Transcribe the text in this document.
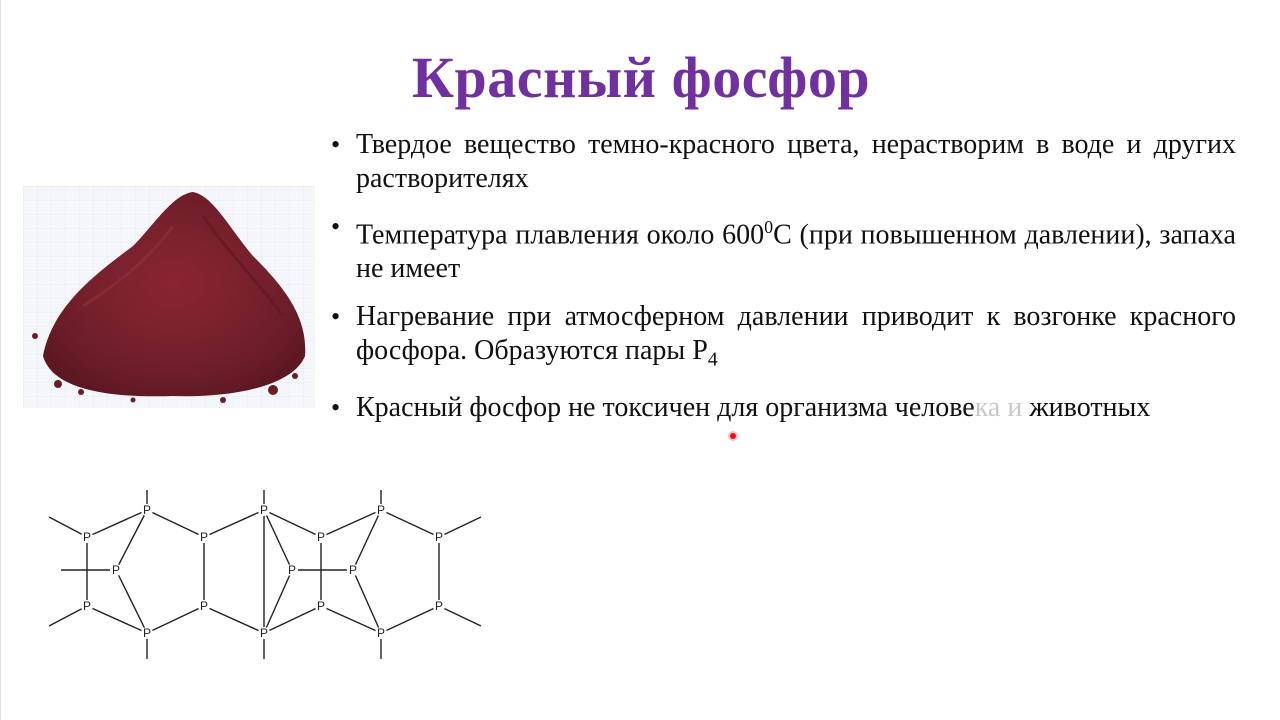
Красный фосфор
• Твердое вещество темно-красного цвета, нерастворим в воде и других растворителях
• Температура плавления около $600^0С$ (при повышенном давлении), запаха не имеет
• Нагревание при атмосферном давлении приводит к возгонке красного фосфора. Образуются пары $Р_4$
• Красный фосфор не токсичен для организма человека и животных
P
P
P
P
P
P
P
P	P	P
P
P
P
P
P
P
P
